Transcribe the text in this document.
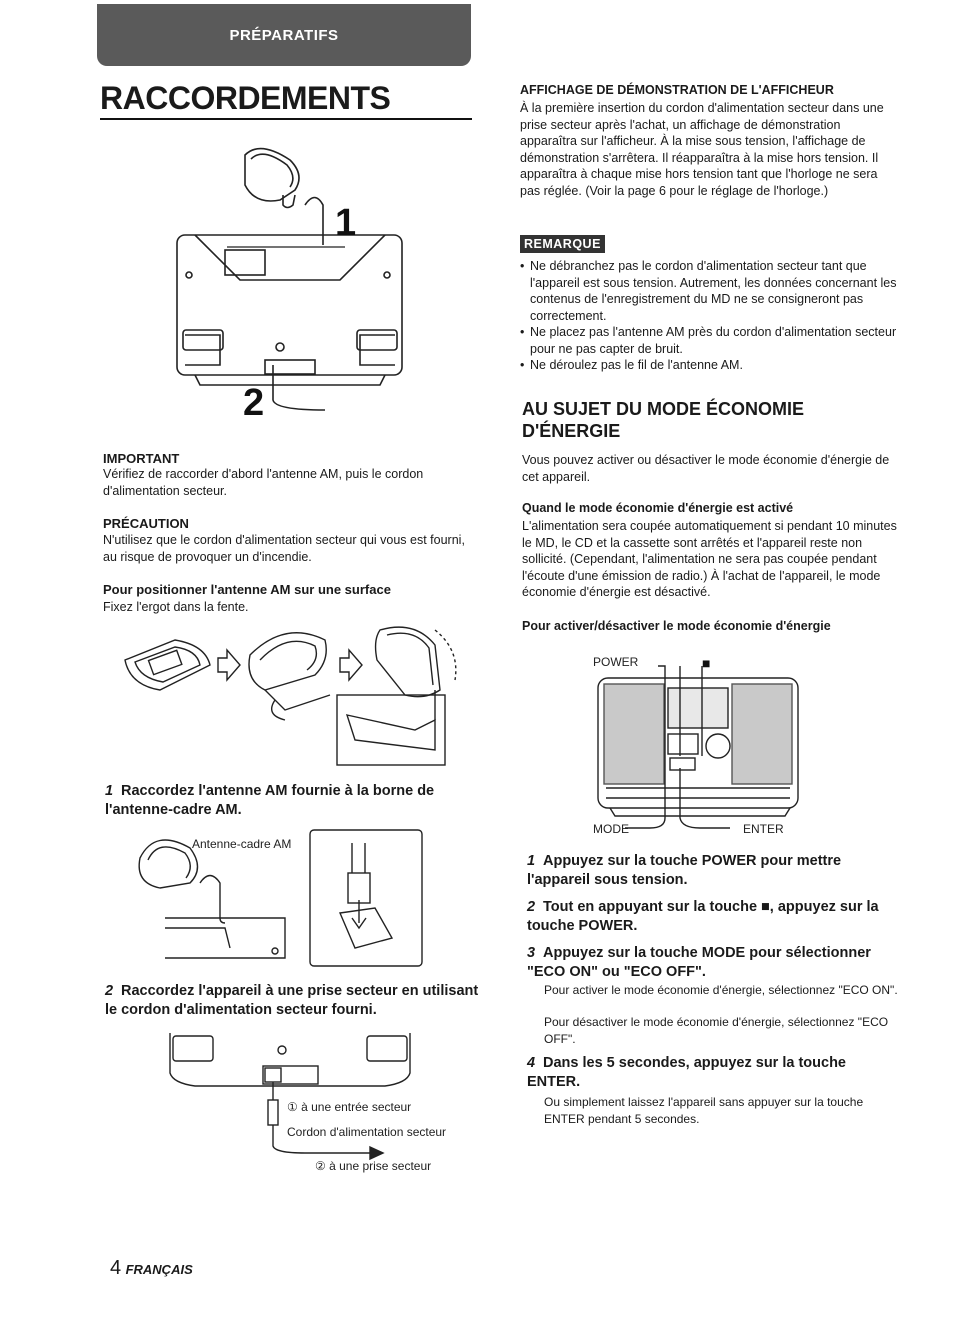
PRÉPARATIFS
RACCORDEMENTS
1
2
IMPORTANT
Vérifiez de raccorder d'abord l'antenne AM, puis le cordon d'alimentation secteur.
PRÉCAUTION
N'utilisez que le cordon d'alimentation secteur qui vous est fourni, au risque de provoquer un d'incendie.
Pour positionner l'antenne AM sur une surface
Fixez l'ergot dans la fente.
1 Raccordez l'antenne AM fournie à la borne de l'antenne-cadre AM.
Antenne-cadre AM
2 Raccordez l'appareil à une prise secteur en utilisant le cordon d'alimentation secteur fourni.
① à une entrée secteur
Cordon d'alimentation secteur
② à une prise secteur
AFFICHAGE DE DÉMONSTRATION DE L'AFFICHEUR
À la première insertion du cordon d'alimentation secteur dans une prise secteur après l'achat, un affichage de démonstration apparaîtra sur l'afficheur. À la mise sous tension, l'affichage de démonstration s'arrêtera. Il réapparaîtra à la mise hors tension. Il apparaîtra à chaque mise hors tension tant que l'horloge ne sera pas réglée. (Voir la page 6 pour le réglage de l'horloge.)
REMARQUE
• Ne débranchez pas le cordon d'alimentation secteur tant que l'appareil est sous tension. Autrement, les données concernant les contenus de l'enregistrement du MD ne se consigneront pas correctement.
• Ne placez pas l'antenne AM près du cordon d'alimentation secteur pour ne pas capter de bruit.
• Ne déroulez pas le fil de l'antenne AM.
AU SUJET DU MODE ÉCONOMIE D'ÉNERGIE
Vous pouvez activer ou désactiver le mode économie d'énergie de cet appareil.
Quand le mode économie d'énergie est activé
L'alimentation sera coupée automatiquement si pendant 10 minutes le MD, le CD et la cassette sont arrêtés et l'appareil reste non sollicité. (Cependant, l'alimentation ne sera pas coupée pendant l'écoute d'une émission de radio.) À l'achat de l'appareil, le mode économie d'énergie est désactivé.
Pour activer/désactiver le mode économie d'énergie
POWER	■
MODE	ENTER
1 Appuyez sur la touche POWER pour mettre l'appareil sous tension.
2 Tout en appuyant sur la touche ■, appuyez sur la touche POWER.
3 Appuyez sur la touche MODE pour sélectionner "ECO ON" ou "ECO OFF".
Pour activer le mode économie d'énergie, sélectionnez "ECO ON".
Pour désactiver le mode économie d'énergie, sélectionnez "ECO OFF".
4 Dans les 5 secondes, appuyez sur la touche ENTER.
Ou simplement laissez l'appareil sans appuyer sur la touche ENTER pendant 5 secondes.
4 FRANÇAIS
